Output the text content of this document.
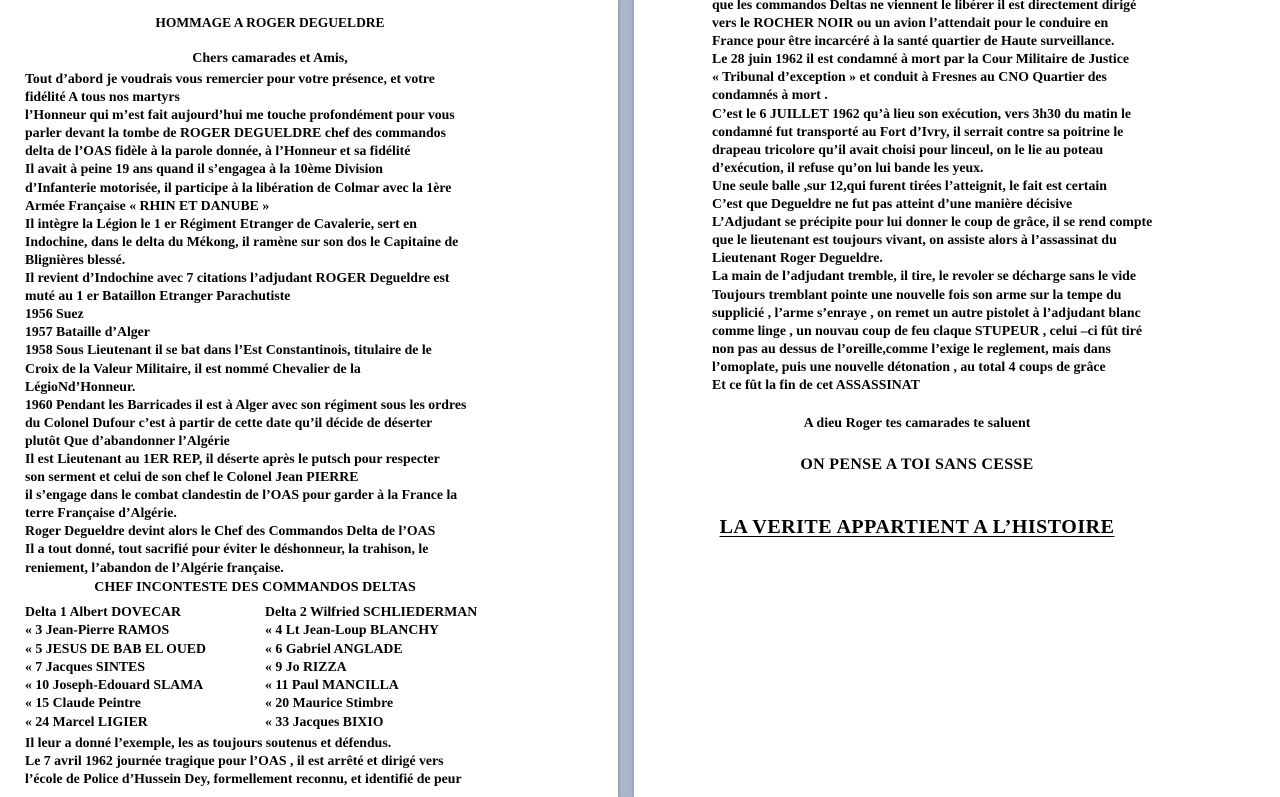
HOMMAGE A ROGER DEGUELDRE
Chers camarades et Amis,
Tout d’abord je voudrais vous remercier pour votre présence, et votre
fidélité A tous nos martyrs
l’Honneur qui m’est fait aujourd’hui me touche profondément pour vous
parler devant la tombe de ROGER DEGUELDRE chef des commandos
delta de l’OAS fidèle à la parole donnée, à l’Honneur et sa fidélité
Il avait à peine 19 ans quand il s’engagea à la 10ème Division
d’Infanterie motorisée, il participe à la libération de Colmar avec la 1ère
Armée Française « RHIN ET DANUBE »
Il intègre la Légion le 1 er Régiment Etranger de Cavalerie, sert en
Indochine, dans le delta du Mékong, il ramène sur son dos le Capitaine de
Blignières blessé.
Il revient d’Indochine avec 7 citations l’adjudant ROGER Degueldre est
muté au 1 er Bataillon Etranger Parachutiste
1956 Suez
1957 Bataille d’Alger
1958 Sous Lieutenant il se bat dans l’Est Constantinois, titulaire de le
Croix de la Valeur Militaire, il est nommé Chevalier de la
LégioNd’Honneur.
1960 Pendant les Barricades il est à Alger avec son régiment sous les ordres
du Colonel Dufour c’est à partir de cette date qu’il décide de déserter
plutôt Que d’abandonner l’Algérie
Il est Lieutenant au 1ER REP, il déserte après le putsch pour respecter
son serment et celui de son chef le Colonel Jean PIERRE
il s’engage dans le combat clandestin de l’OAS pour garder à la France la
terre Française d’Algérie.
Roger Degueldre devint alors le Chef des Commandos Delta de l’OAS
Il a tout donné, tout sacrifié pour éviter le déshonneur, la trahison, le
reniement, l’abandon de l’Algérie française.
CHEF INCONTESTE DES COMMANDOS DELTAS
Delta 1 Albert DOVECAR	Delta 2 Wilfried SCHLIEDERMAN
« 3 Jean-Pierre RAMOS	« 4 Lt Jean-Loup BLANCHY
« 5 JESUS DE BAB EL OUED	« 6 Gabriel ANGLADE
« 7 Jacques SINTES	« 9 Jo RIZZA
« 10 Joseph-Edouard SLAMA	« 11 Paul MANCILLA
« 15 Claude Peintre	« 20 Maurice Stimbre
« 24 Marcel LIGIER	« 33 Jacques BIXIO
Il leur a donné l’exemple, les as toujours soutenus et défendus.
Le 7 avril 1962 journée tragique pour l’OAS , il est arrêté et dirigé vers
l’école de Police d’Hussein Dey, formellement reconnu, et identifié de peur
que les commandos Deltas ne viennent le libérer il est directement dirigé
vers le ROCHER NOIR ou un avion l’attendait pour le conduire en
France pour être incarcéré à la santé quartier de Haute surveillance.
Le 28 juin 1962 il est condamné à mort par la Cour Militaire de Justice
« Tribunal d’exception » et conduit à Fresnes au CNO Quartier des
condamnés à mort .
C’est le 6 JUILLET 1962 qu’à lieu son exécution, vers 3h30 du matin le
condamné fut transporté au Fort d’Ivry, il serrait contre sa poitrine le
drapeau tricolore qu’il avait choisi pour linceul, on le lie au poteau
d’exécution, il refuse qu’on lui bande les yeux.
Une seule balle ,sur 12,qui furent tirées l’atteignit, le fait est certain
C’est que Degueldre ne fut pas atteint d’une manière décisive
L’Adjudant se précipite pour lui donner le coup de grâce, il se rend compte
que le lieutenant est toujours vivant, on assiste alors à l’assassinat du
Lieutenant Roger Degueldre.
La main de l’adjudant tremble, il tire, le revoler se décharge sans le vide
Toujours tremblant pointe une nouvelle fois son arme sur la tempe du
supplicié , l’arme s’enraye , on remet un autre pistolet à l’adjudant blanc
comme linge , un nouvau coup de feu claque STUPEUR , celui –ci fût tiré
non pas au dessus de l’oreille,comme l’exige le reglement, mais dans
l’omoplate, puis une nouvelle détonation , au total 4 coups de grâce
Et ce fût la fin de cet ASSASSINAT
A dieu Roger tes camarades te saluent
ON PENSE A TOI SANS CESSE
LA VERITE APPARTIENT A L’HISTOIRE
